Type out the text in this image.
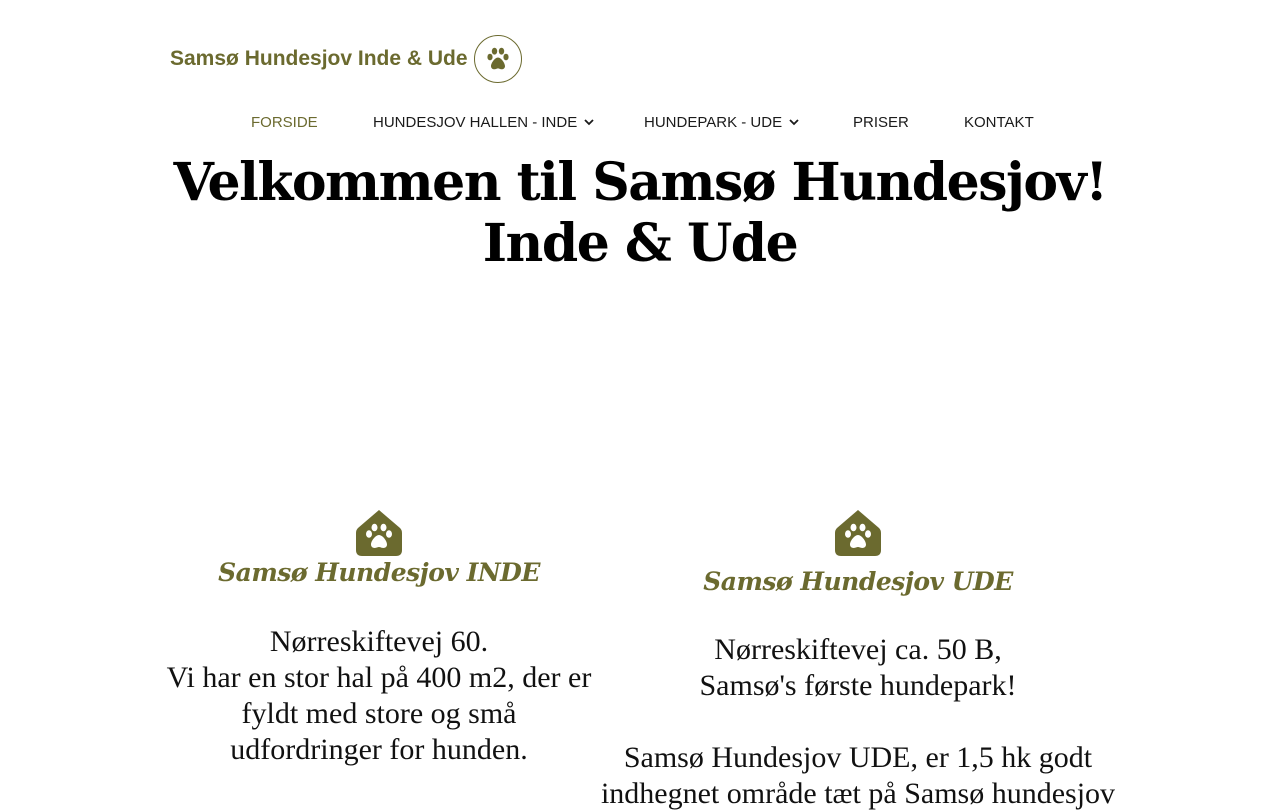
Samsø Hundesjov Inde & Ude
FORSIDE	HUNDESJOV HALLEN - INDE	HUNDEPARK - UDE	PRISER	KONTAKT
Velkommen til Samsø Hundesjov!
Inde & Ude
Samsø Hundesjov INDE

Nørreskiftevej 60.
Vi har en stor hal på 400 m2, der er
fyldt med store og små
udfordringer for hunden.

Samsø Hundesjov UDE

Nørreskiftevej ca. 50 B,
Samsø's første hundepark!
Samsø Hundesjov UDE, er 1,5 hk godt
indhegnet område tæt på Samsø hundesjov
